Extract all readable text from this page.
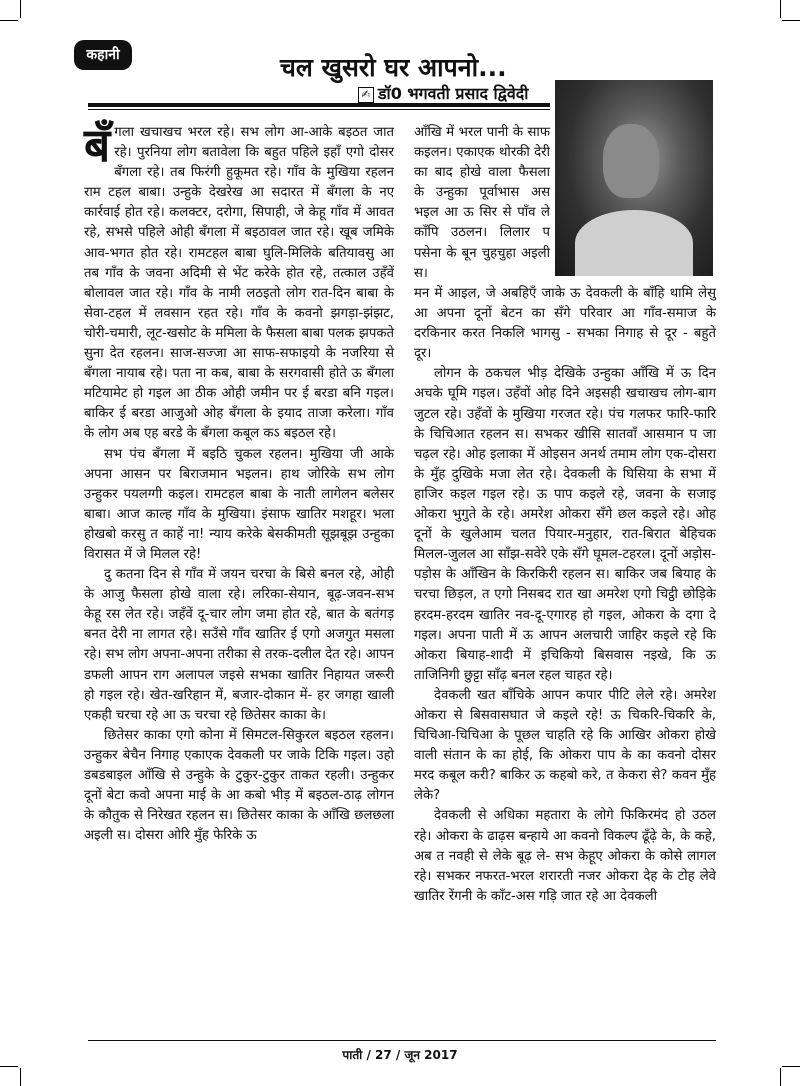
कहानी	चल खुसरो घर आपनो...
✍ डॉ0 भगवती प्रसाद द्विवेदी

बँगला खचाखच भरल रहे। सभ लोग आ-आके बइठत जात रहे। पुरनिया लोग बतावेला कि बहुत पहिले इहाँ एगो दोसर बँगला रहे। तब फिरंगी हुकूमत रहे। गाँव के मुखिया रहलन राम टहल बाबा। उन्हुके देखरेख आ सदारत में बँगला के नए कार्रवाई होत रहे। कलक्टर, दरोगा, सिपाही, जे केहू गाँव में आवत रहे, सभसे पहिले ओही बँगला में बइठावल जात रहे। खूब जमिके आव-भगत होत रहे। रामटहल बाबा घुलि-मिलिके बतियावसु आ तब गाँव के जवना अदिमी से भेंट करेके होत रहे, तत्काल उहँवें बोलावल जात रहे। गाँव के नामी लठइतो लोग रात-दिन बाबा के सेवा-टहल में लवसान रहत रहे। गाँव के कवनो झगड़ा-झंझट, चोरी-चमारी, लूट-खसोट के ममिला के फैसला बाबा पलक झपकते सुना देत रहलन। साज-सज्जा आ साफ-सफाइयो के नजरिया से बँगला नायाब रहे। पता ना कब, बाबा के सरगवासी होते ऊ बँगला मटियामेट हो गइल आ ठीक ओही जमीन पर ई बरडा बनि गइल। बाकिर ई बरडा आजुओ ओह बँगला के इयाद ताजा करेला। गाँव के लोग अब एह बरडे के बँगला कबूल कऽ बइठल रहे।

सभ पंच बँगला में बइठि चुकल रहलन। मुखिया जी आके अपना आसन पर बिराजमान भइलन। हाथ जोरिके सभ लोग उन्हुकर पयलग्गी कइल। रामटहल बाबा के नाती लागेलन बलेसर बाबा। आज काल्ह गाँव के मुखिया। इंसाफ खातिर मशहूर। भला होखबो करसु त काहें ना! न्याय करेके बेसकीमती सूझबूझ उन्हुका विरासत में जे मिलल रहे!

दु कतना दिन से गाँव में जयन चरचा के बिसे बनल रहे, ओही के आजु फैसला होखे वाला रहे। लरिका-सेयान, बूढ़-जवन-सभ केहू रस लेत रहे। जहँवें दू-चार लोग जमा होत रहे, बात के बतंगड़ बनत देरी ना लागत रहे। सउँसे गाँव खातिर ई एगो अजगुत मसला रहे। सभ लोग अपना-अपना तरीका से तरक-दलील देत रहे। आपन डफली आपन राग अलापल जइसे सभका खातिर निहायत जरूरी हो गइल रहे। खेत-खरिहान में, बजार-दोकान में- हर जगहा खाली एकही चरचा रहे आ ऊ चरचा रहे छितेसर काका के।

छितेसर काका एगो कोना में सिमटल-सिकुरल बइठल रहलन। उन्हुकर बेचैन निगाह एकाएक देवकली पर जाके टिकि गइल। उहो डबडबाइल आँखि से उन्हुके के टुकुर-टुकुर ताकत रहली। उन्हुकर दूनों बेटा कवो अपना माई के आ कबो भीड़ में बइठल-ठाढ़ लोगन के कौतुक से निरेखत रहलन स। छितेसर काका के आँखि छलछला अइली स। दोसरा ओरि मुँह फेरिके ऊ

आँखि में भरल पानी के साफ कइलन। एकाएक थोरकी देरी का बाद होखे वाला फैसला के उन्हुका पूर्वाभास अस भइल आ ऊ सिर से पाँव ले काँपि उठलन। लिलार प पसेना के बून चुहचुहा अइली स।

मन में आइल, जे अबहिएँ जाके ऊ देवकली के बाँहि थामि लेसु आ अपना दूनों बेटन का सँगे परिवार आ गाँव-समाज के दरकिनार करत निकलि भागसु - सभका निगाह से दूर - बहुते दूर।

लोगन के ठकचल भीड़ देखिके उन्हुका आँखि में ऊ दिन अचके घूमि गइल। उहँवों ओह दिने अइसही खचाखच लोग-बाग जुटल रहे। उहँवों के मुखिया गरजत रहे। पंच गलफर फारि-फारि के चिचिआत रहलन स। सभकर खीसि सातवाँ आसमान प जा चढ़ल रहे। ओह इलाका में ओइसन अनर्थ तमाम लोग एक-दोसरा के मुँह दुखिके मजा लेत रहे। देवकली के घिसिया के सभा में हाजिर कइल गइल रहे। ऊ पाप कइले रहे, जवना के सजाइ ओकरा भुगुते के रहे। अमरेश ओकरा सँगे छल कइले रहे। ओह दूनों के खुलेआम चलत पियार-मनुहार, रात-बिरात बेहिचक मिलल-जुलल आ साँझ-सवेरे एके सँगे घूमल-टहरल। दूनों अड़ोस-पड़ोस के आँखिन के किरकिरी रहलन स। बाकिर जब बियाह के चरचा छिड़ल, त एगो निसबद रात खा अमरेश एगो चिट्ठी छोड़िके हरदम-हरदम खातिर नव-दू-एगारह हो गइल, ओकरा के दगा दे गइल। अपना पाती में ऊ आपन अलचारी जाहिर कइले रहे कि ओकरा बियाह-शादी में इचिकियो बिसवास नइखे, कि ऊ ताजिनिगी छुट्टा साँढ़ बनल रहल चाहत रहे।

देवकली खत बाँचिके आपन कपार पीटि लेले रहे। अमरेश ओकरा से बिसवासघात जे कइले रहे! ऊ चिकरि-चिकरि के, चिचिआ-चिचिआ के पूछल चाहति रहे कि आखिर ओकरा होखे वाली संतान के का होई, कि ओकरा पाप के का कवनो दोसर मरद कबूल करी? बाकिर ऊ कहबो करे, त केकरा से? कवन मुँह लेके?

देवकली से अधिका महतारा के लोगे फिकिरमंद हो उठल रहे। ओकरा के ढाढ़स बन्हाये आ कवनो विकल्प ढूँढ़े के, के कहे, अब त नवही से लेके बूढ़ ले- सभ केहूए ओकरा के कोसे लागल रहे। सभकर नफरत-भरल शरारती नजर ओकरा देह के टोह लेवे खातिर रेंगनी के काँट-अस गड़ि जात रहे आ देवकली

पाती / 27 / जून 2017
